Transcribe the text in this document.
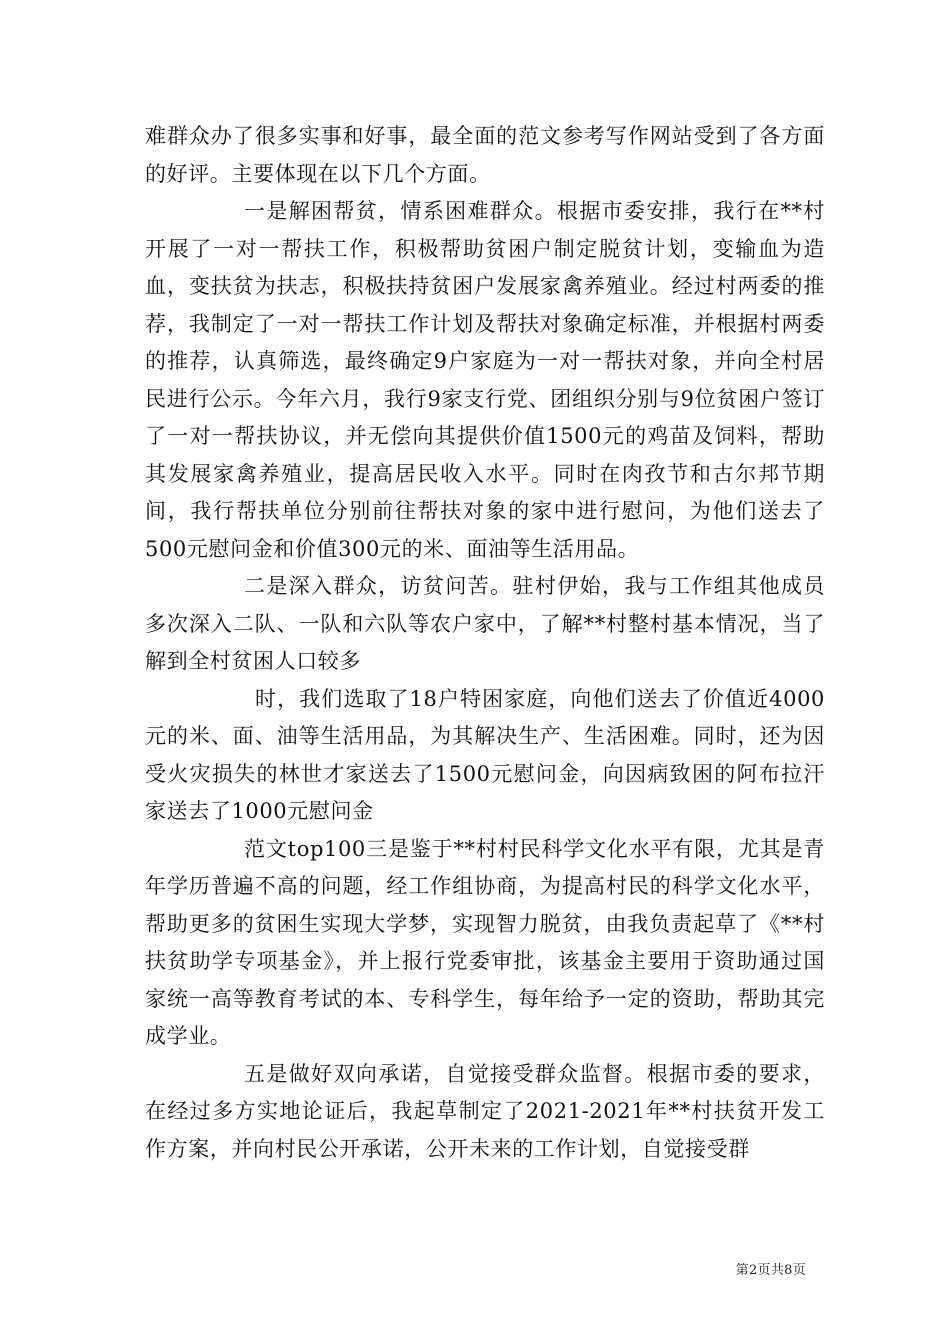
难群众办了很多实事和好事，最全面的范文参考写作网站受到了各方面的好评。主要体现在以下几个方面。

一是解困帮贫，情系困难群众。根据市委安排，我行在**村开展了一对一帮扶工作，积极帮助贫困户制定脱贫计划，变输血为造血，变扶贫为扶志，积极扶持贫困户发展家禽养殖业。经过村两委的推荐，我制定了一对一帮扶工作计划及帮扶对象确定标准，并根据村两委的推荐，认真筛选，最终确定9户家庭为一对一帮扶对象，并向全村居民进行公示。今年六月，我行9家支行党、团组织分别与9位贫困户签订了一对一帮扶协议，并无偿向其提供价值1500元的鸡苗及饲料，帮助其发展家禽养殖业，提高居民收入水平。同时在肉孜节和古尔邦节期间，我行帮扶单位分别前往帮扶对象的家中进行慰问，为他们送去了500元慰问金和价值300元的米、面油等生活用品。

二是深入群众，访贫问苦。驻村伊始，我与工作组其他成员多次深入二队、一队和六队等农户家中，了解**村整村基本情况，当了解到全村贫困人口较多

时，我们选取了18户特困家庭，向他们送去了价值近4000元的米、面、油等生活用品，为其解决生产、生活困难。同时，还为因受火灾损失的林世才家送去了1500元慰问金，向因病致困的阿布拉汗家送去了1000元慰问金

范文top100三是鉴于**村村民科学文化水平有限，尤其是青年学历普遍不高的问题，经工作组协商，为提高村民的科学文化水平，帮助更多的贫困生实现大学梦，实现智力脱贫，由我负责起草了《**村扶贫助学专项基金》，并上报行党委审批，该基金主要用于资助通过国家统一高等教育考试的本、专科学生，每年给予一定的资助，帮助其完成学业。

五是做好双向承诺，自觉接受群众监督。根据市委的要求，在经过多方实地论证后，我起草制定了2021-2021年**村扶贫开发工作方案，并向村民公开承诺，公开未来的工作计划，自觉接受群

第2页共8页
